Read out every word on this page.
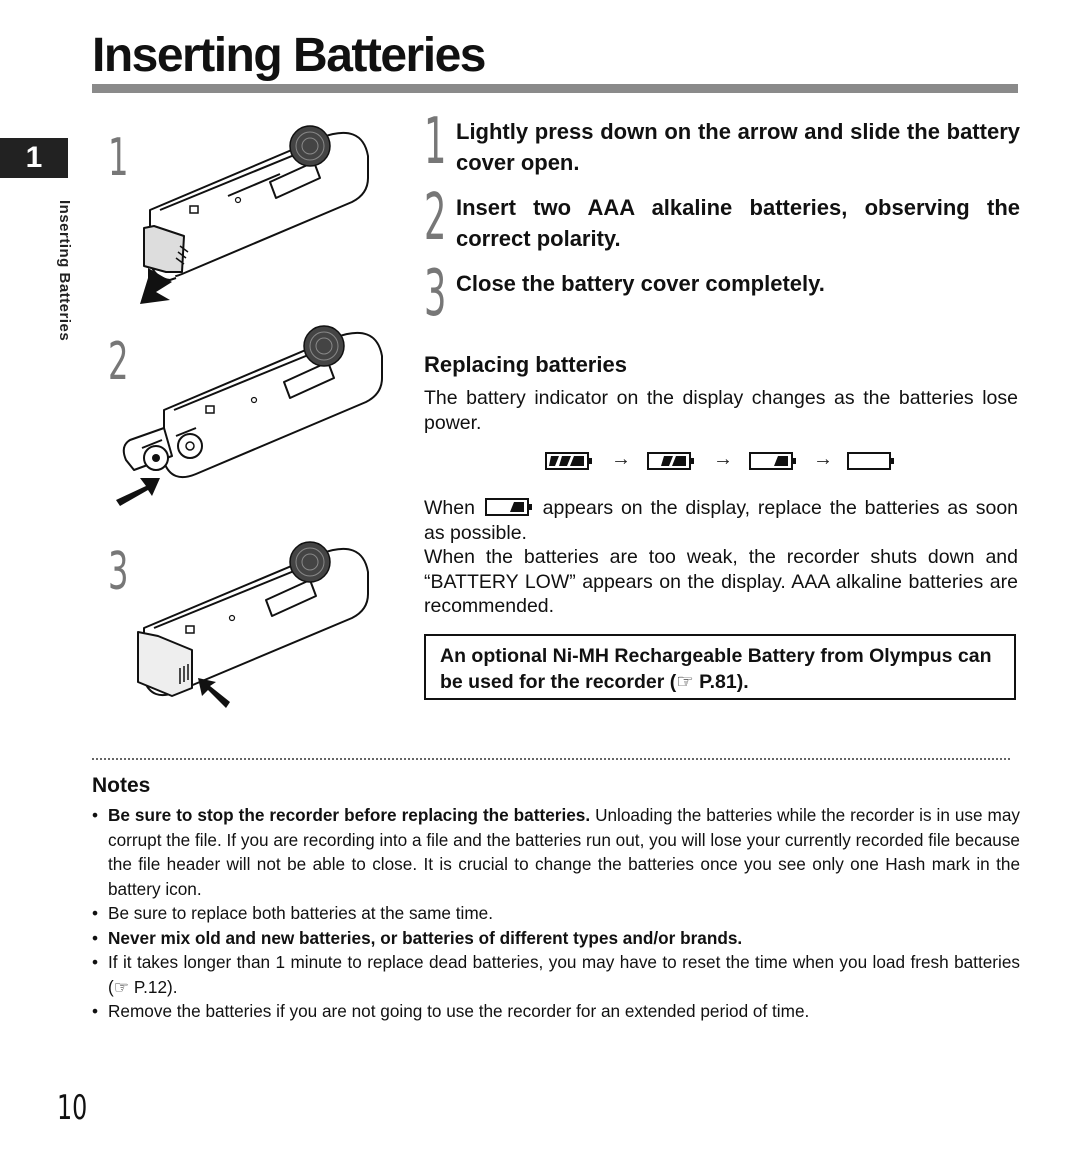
Inserting Batteries
1
Inserting Batteries
1
2
3
1 Lightly press down on the arrow and slide the battery cover open.
2 Insert two AAA alkaline batteries, observing the correct polarity.
3 Close the battery cover completely.
Replacing batteries
The battery indicator on the display changes as the batteries lose power.
→	→	→
When	appears on the display, replace the batteries as soon as possible.
When the batteries are too weak, the recorder shuts down and “BATTERY LOW” appears on the display. AAA alkaline batteries are recommended.
An optional Ni-MH Rechargeable Battery from Olympus can be used for the recorder (☞ P.81).
Notes
• Be sure to stop the recorder before replacing the batteries. Unloading the batteries while the recorder is in use may corrupt the file. If you are recording into a file and the batteries run out, you will lose your currently recorded file because the file header will not be able to close. It is crucial to change the batteries once you see only one Hash mark in the battery icon.
• Be sure to replace both batteries at the same time.
• Never mix old and new batteries, or batteries of different types and/or brands.
• If it takes longer than 1 minute to replace dead batteries, you may have to reset the time when you load fresh batteries (☞ P.12).
• Remove the batteries if you are not going to use the recorder for an extended period of time.
10
